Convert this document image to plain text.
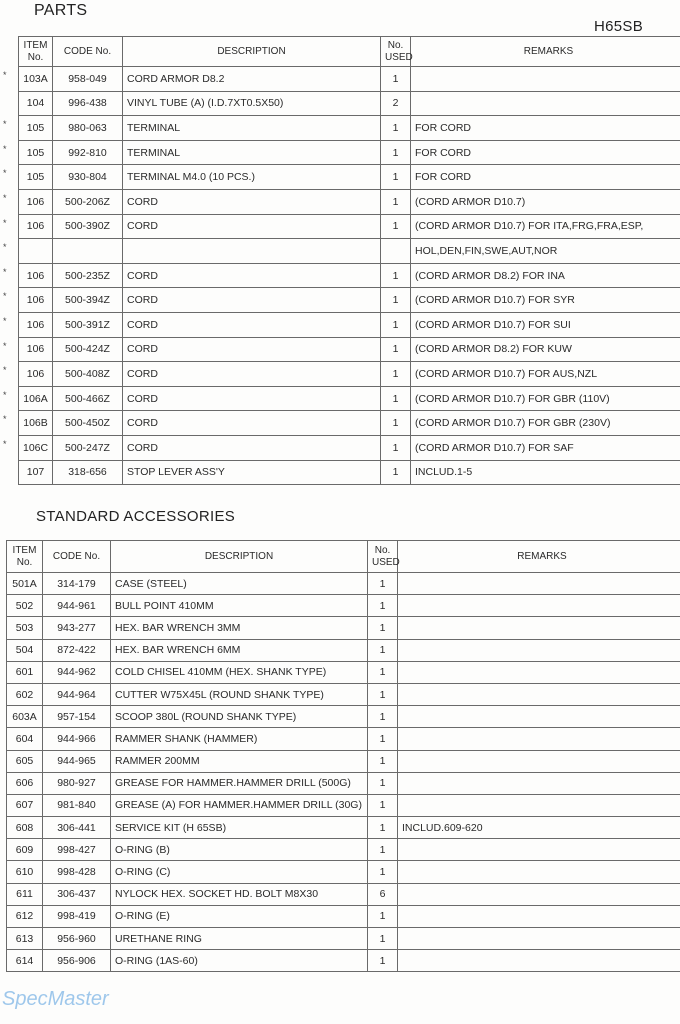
PARTS
H65SB
ITEM No.	CODE No.	DESCRIPTION	No. USED	REMARKS
103A	958-049	CORD ARMOR D8.2	1	
104	996-438	VINYL TUBE (A) (I.D.7XT0.5X50)	2	
105	980-063	TERMINAL	1	FOR CORD
105	992-810	TERMINAL	1	FOR CORD
105	930-804	TERMINAL M4.0 (10 PCS.)	1	FOR CORD
106	500-206Z	CORD	1	(CORD ARMOR D10.7)
106	500-390Z	CORD	1	(CORD ARMOR D10.7) FOR ITA,FRG,FRA,ESP,
				HOL,DEN,FIN,SWE,AUT,NOR
106	500-235Z	CORD	1	(CORD ARMOR D8.2) FOR INA
106	500-394Z	CORD	1	(CORD ARMOR D10.7) FOR SYR
106	500-391Z	CORD	1	(CORD ARMOR D10.7) FOR SUI
106	500-424Z	CORD	1	(CORD ARMOR D8.2) FOR KUW
106	500-408Z	CORD	1	(CORD ARMOR D10.7) FOR AUS,NZL
106A	500-466Z	CORD	1	(CORD ARMOR D10.7) FOR GBR (110V)
106B	500-450Z	CORD	1	(CORD ARMOR D10.7) FOR GBR (230V)
106C	500-247Z	CORD	1	(CORD ARMOR D10.7) FOR SAF
107	318-656	STOP LEVER ASS'Y	1	INCLUD.1-5
STANDARD ACCESSORIES
ITEM No.	CODE No.	DESCRIPTION	No. USED	REMARKS
501A	314-179	CASE (STEEL)	1	
502	944-961	BULL POINT 410MM	1	
503	943-277	HEX. BAR WRENCH 3MM	1	
504	872-422	HEX. BAR WRENCH 6MM	1	
601	944-962	COLD CHISEL 410MM (HEX. SHANK TYPE)	1	
602	944-964	CUTTER W75X45L (ROUND SHANK TYPE)	1	
603A	957-154	SCOOP 380L (ROUND SHANK TYPE)	1	
604	944-966	RAMMER SHANK (HAMMER)	1	
605	944-965	RAMMER 200MM	1	
606	980-927	GREASE FOR HAMMER.HAMMER DRILL (500G)	1	
607	981-840	GREASE (A) FOR HAMMER.HAMMER DRILL (30G)	1	
608	306-441	SERVICE KIT (H 65SB)	1	INCLUD.609-620
609	998-427	O-RING (B)	1	
610	998-428	O-RING (C)	1	
611	306-437	NYLOCK HEX. SOCKET HD. BOLT M8X30	6	
612	998-419	O-RING (E)	1	
613	956-960	URETHANE RING	1	
614	956-906	O-RING (1AS-60)	1	
SpecMaster
*
*
*
*
*
*
*
*
*
*
*
*
*
*
*
